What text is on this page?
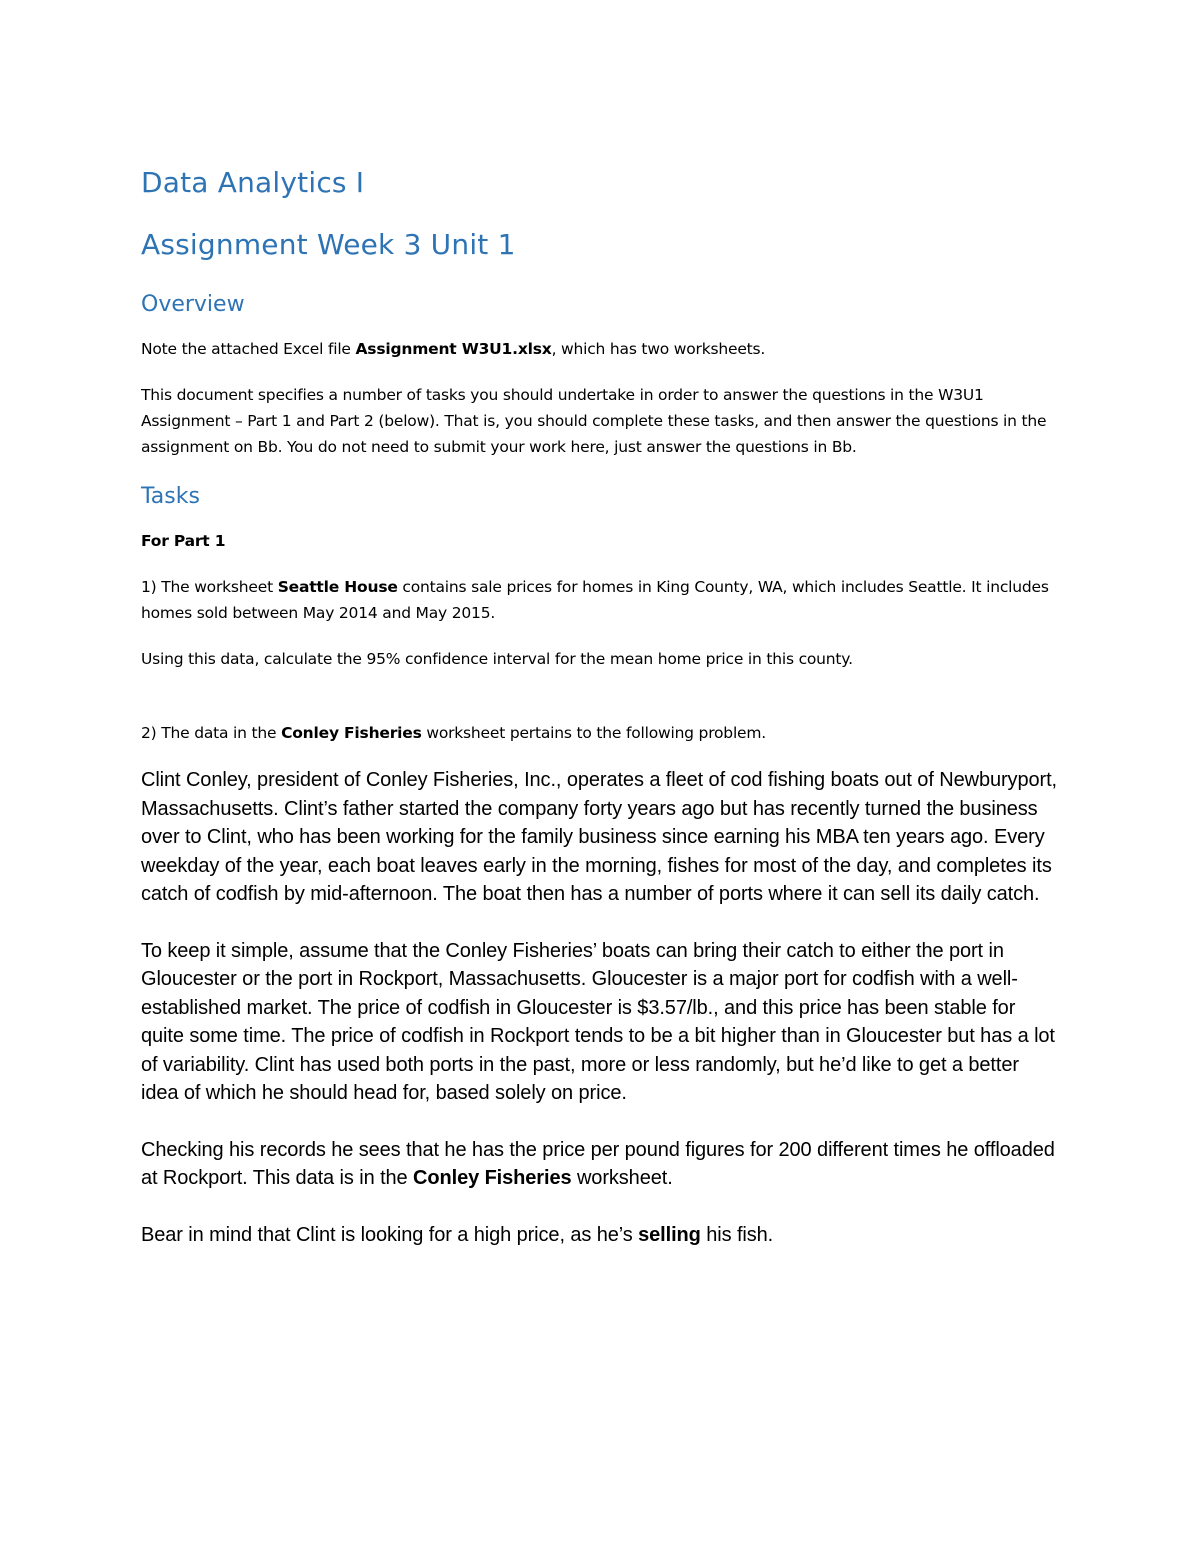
Data Analytics I
Assignment Week 3 Unit 1
Overview

Note the attached Excel file Assignment W3U1.xlsx, which has two worksheets.

This document specifies a number of tasks you should undertake in order to answer the questions in the W3U1 Assignment – Part 1 and Part 2 (below). That is, you should complete these tasks, and then answer the questions in the assignment on Bb. You do not need to submit your work here, just answer the questions in Bb.

Tasks

For Part 1

1) The worksheet Seattle House contains sale prices for homes in King County, WA, which includes Seattle. It includes homes sold between May 2014 and May 2015.

Using this data, calculate the 95% confidence interval for the mean home price in this county.

2) The data in the Conley Fisheries worksheet pertains to the following problem.

Clint Conley, president of Conley Fisheries, Inc., operates a fleet of cod fishing boats out of Newburyport, Massachusetts. Clint’s father started the company forty years ago but has recently turned the business over to Clint, who has been working for the family business since earning his MBA ten years ago. Every weekday of the year, each boat leaves early in the morning, fishes for most of the day, and completes its catch of codfish by mid-afternoon. The boat then has a number of ports where it can sell its daily catch.

To keep it simple, assume that the Conley Fisheries’ boats can bring their catch to either the port in Gloucester or the port in Rockport, Massachusetts. Gloucester is a major port for codfish with a well-established market. The price of codfish in Gloucester is $3.57/lb., and this price has been stable for quite some time. The price of codfish in Rockport tends to be a bit higher than in Gloucester but has a lot of variability. Clint has used both ports in the past, more or less randomly, but he’d like to get a better idea of which he should head for, based solely on price.

Checking his records he sees that he has the price per pound figures for 200 different times he offloaded at Rockport. This data is in the Conley Fisheries worksheet.

Bear in mind that Clint is looking for a high price, as he’s selling his fish.
